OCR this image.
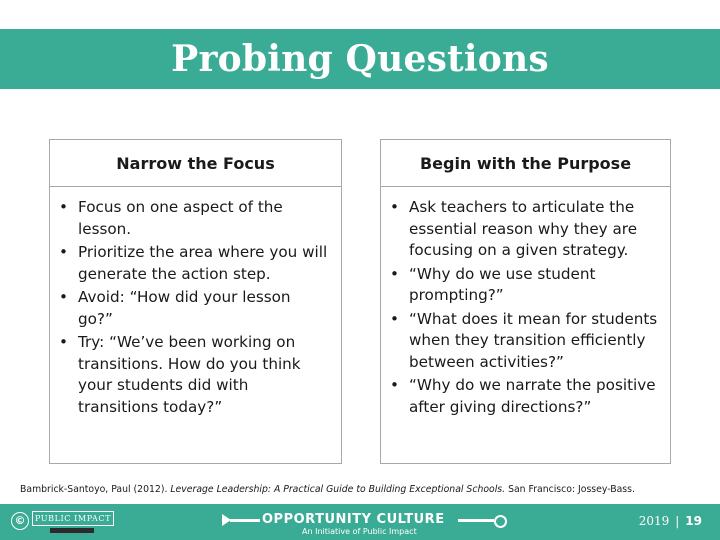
Probing Questions
Narrow the Focus
• Focus on one aspect of the lesson.
• Prioritize the area where you will generate the action step.
• Avoid: “How did your lesson go?”
• Try: “We’ve been working on transitions. How do you think your students did with transitions today?”
Begin with the Purpose
• Ask teachers to articulate the essential reason why they are focusing on a given strategy.
• “Why do we use student prompting?”
• “What does it mean for students when they transition efficiently between activities?”
• “Why do we narrate the positive after giving directions?”
Bambrick-Santoyo, Paul (2012). Leverage Leadership: A Practical Guide to Building Exceptional Schools. San Francisco: Jossey-Bass.
©	PUBLIC IMPACT	OPPORTUNITY CULTURE
An Initiative of Public Impact
2019 | 19
